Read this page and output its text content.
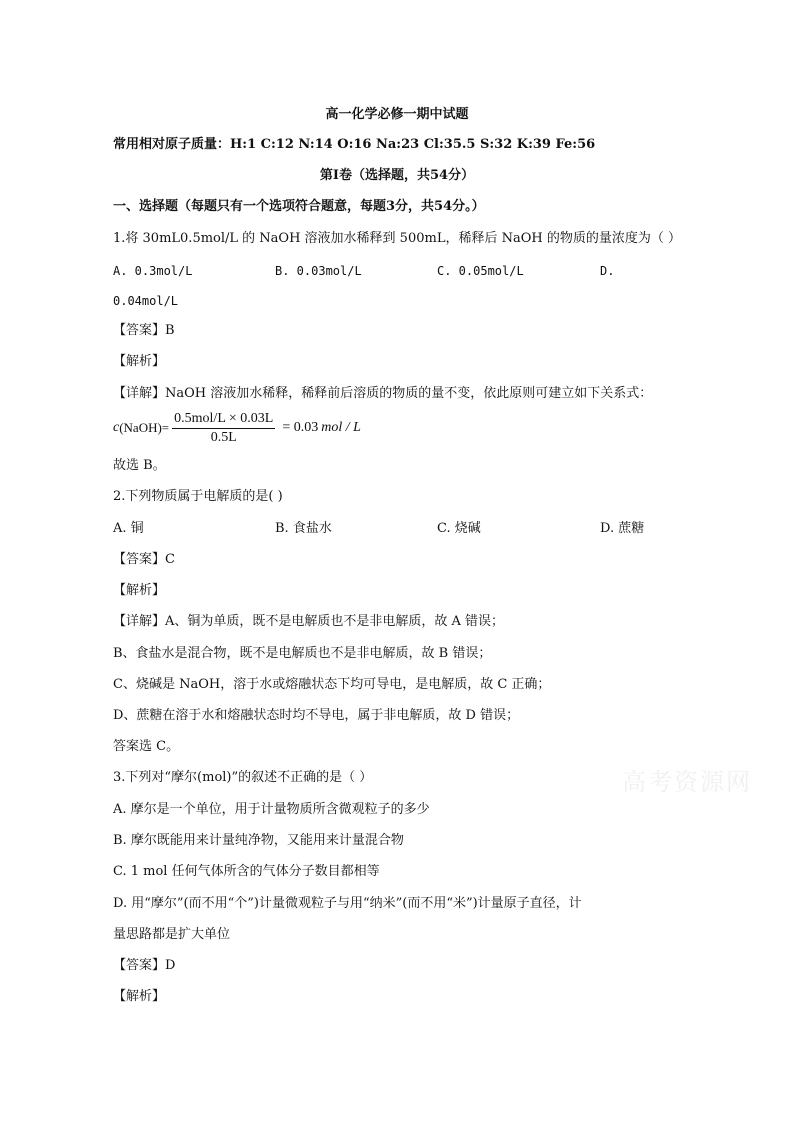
高一化学必修一期中试题
常用相对原子质量：H:1 C:12 N:14 O:16 Na:23 Cl:35.5 S:32 K:39 Fe:56
第Ⅰ卷（选择题，共54分）
一、选择题（每题只有一个选项符合题意，每题3分，共54分。）
1.将 30mL0.5mol/L 的 NaOH 溶液加水稀释到 500mL，稀释后 NaOH 的物质的量浓度为（ ）
A. 0.3mol/L	B. 0.03mol/L	C. 0.05mol/L	D.
0.04mol/L
【答案】B
【解析】
【详解】NaOH 溶液加水稀释，稀释前后溶质的物质的量不变，依此原则可建立如下关系式：
c (NaOH)= $\frac{\text{0.5mol/L × 0.03L}}{0.5L} = 0.03$ mol / L
故选 B。
2.下列物质属于电解质的是( )
A. 铜	B. 食盐水	C. 烧碱	D. 蔗糖
【答案】C
【解析】
【详解】A、铜为单质，既不是电解质也不是非电解质，故 A 错误；
B、食盐水是混合物，既不是电解质也不是非电解质，故 B 错误；
C、烧碱是 NaOH，溶于水或熔融状态下均可导电，是电解质，故 C 正确；
D、蔗糖在溶于水和熔融状态时均不导电，属于非电解质，故 D 错误；
答案选 C。
3.下列对“摩尔(mol)”的叙述不正确的是（ ）
A. 摩尔是一个单位，用于计量物质所含微观粒子的多少
B. 摩尔既能用来计量纯净物，又能用来计量混合物
C. 1 mol 任何气体所含的气体分子数目都相等
D. 用“摩尔”(而不用“个”)计量微观粒子与用“纳米”(而不用“米”)计量原子直径，计
量思路都是扩大单位
【答案】D
【解析】
高考资源网
